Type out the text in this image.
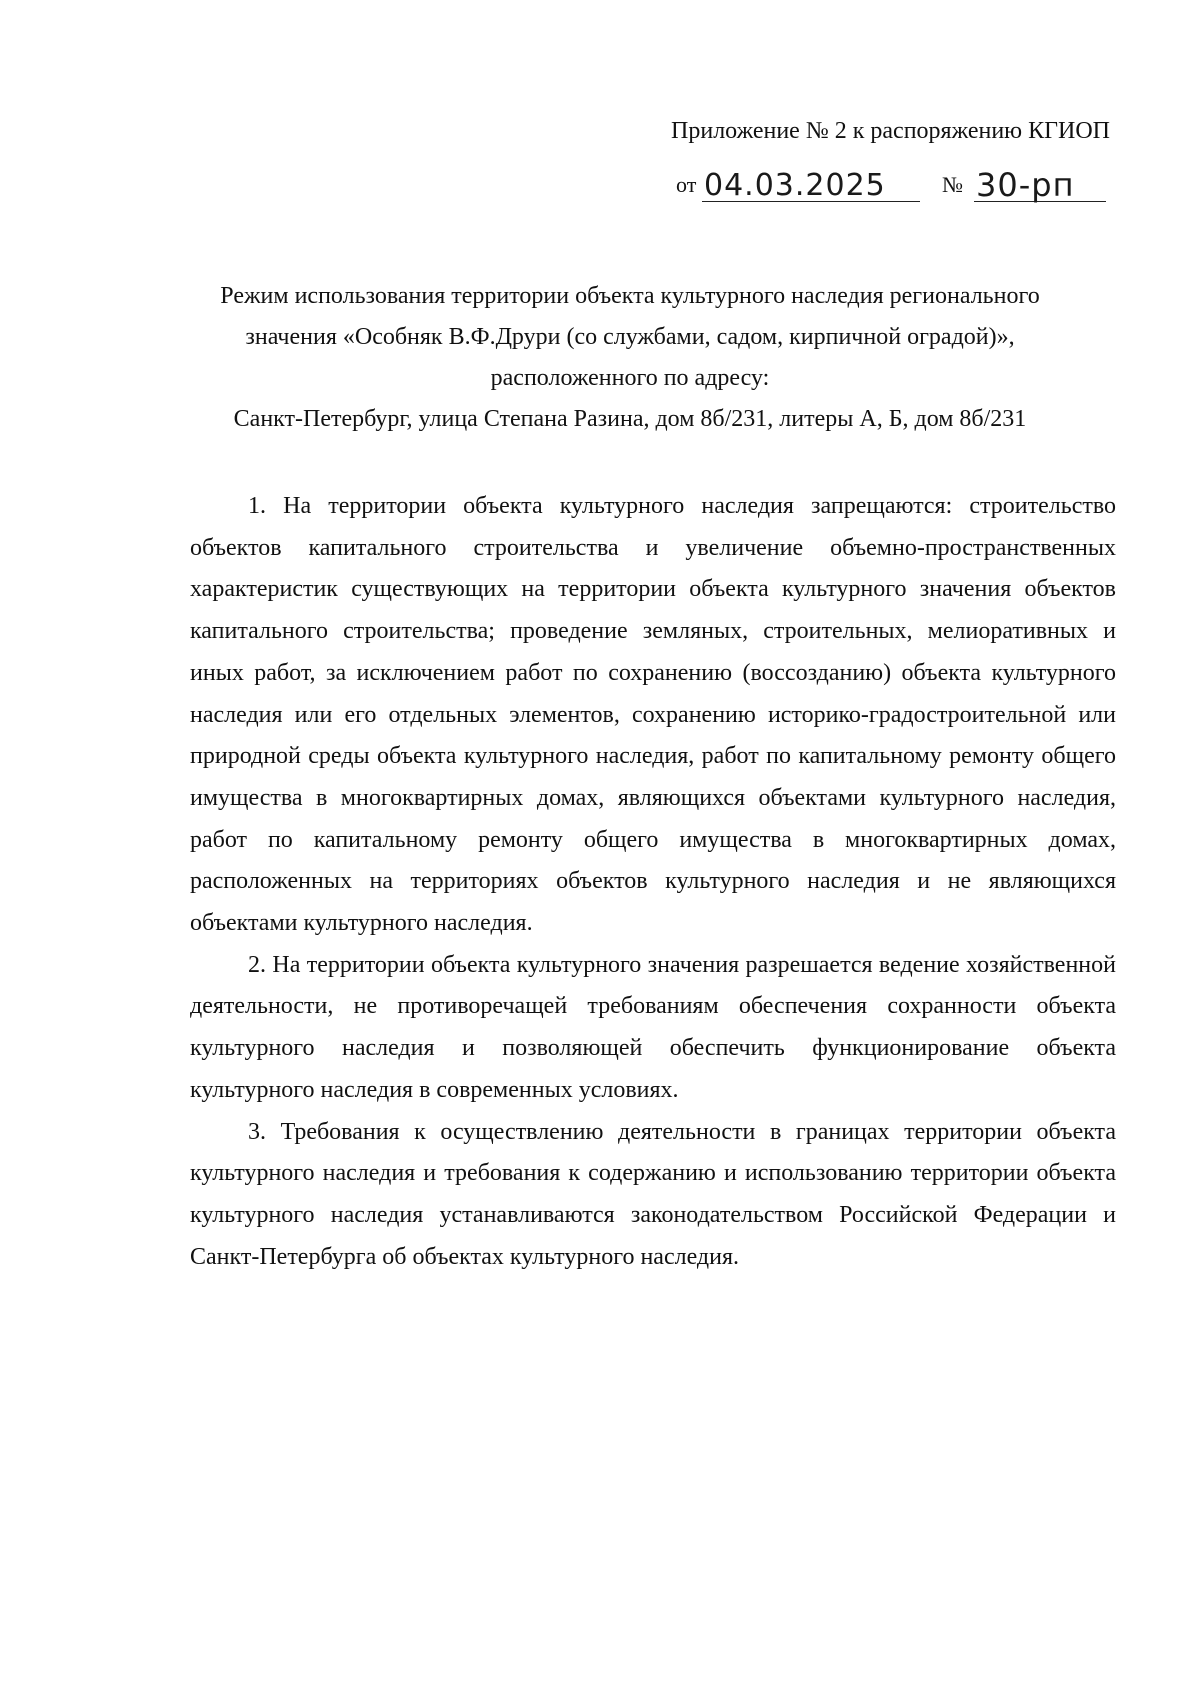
Приложение № 2 к распоряжению КГИОП
от 04.03.2025	№ 30-рп
Режим использования территории объекта культурного наследия регионального
значения «Особняк В.Ф.Друри (со службами, садом, кирпичной оградой)»,
расположенного по адресу:
Санкт-Петербург, улица Степана Разина, дом 8б/231, литеры А, Б, дом 8б/231

1. На территории объекта культурного наследия запрещаются: строительство объектов капитального строительства и увеличение объемно-пространственных характеристик существующих на территории объекта культурного значения объектов капитального строительства; проведение земляных, строительных, мелиоративных и иных работ, за исключением работ по сохранению (воссозданию) объекта культурного наследия или его отдельных элементов, сохранению историко-градостроительной или природной среды объекта культурного наследия, работ по капитальному ремонту общего имущества в многоквартирных домах, являющихся объектами культурного наследия, работ по капитальному ремонту общего имущества в многоквартирных домах, расположенных на территориях объектов культурного наследия и не являющихся объектами культурного наследия.

2. На территории объекта культурного значения разрешается ведение хозяйственной деятельности, не противоречащей требованиям обеспечения сохранности объекта культурного наследия и позволяющей обеспечить функционирование объекта культурного наследия в современных условиях.

3. Требования к осуществлению деятельности в границах территории объекта культурного наследия и требования к содержанию и использованию территории объекта культурного наследия устанавливаются законодательством Российской Федерации и Санкт-Петербурга об объектах культурного наследия.
